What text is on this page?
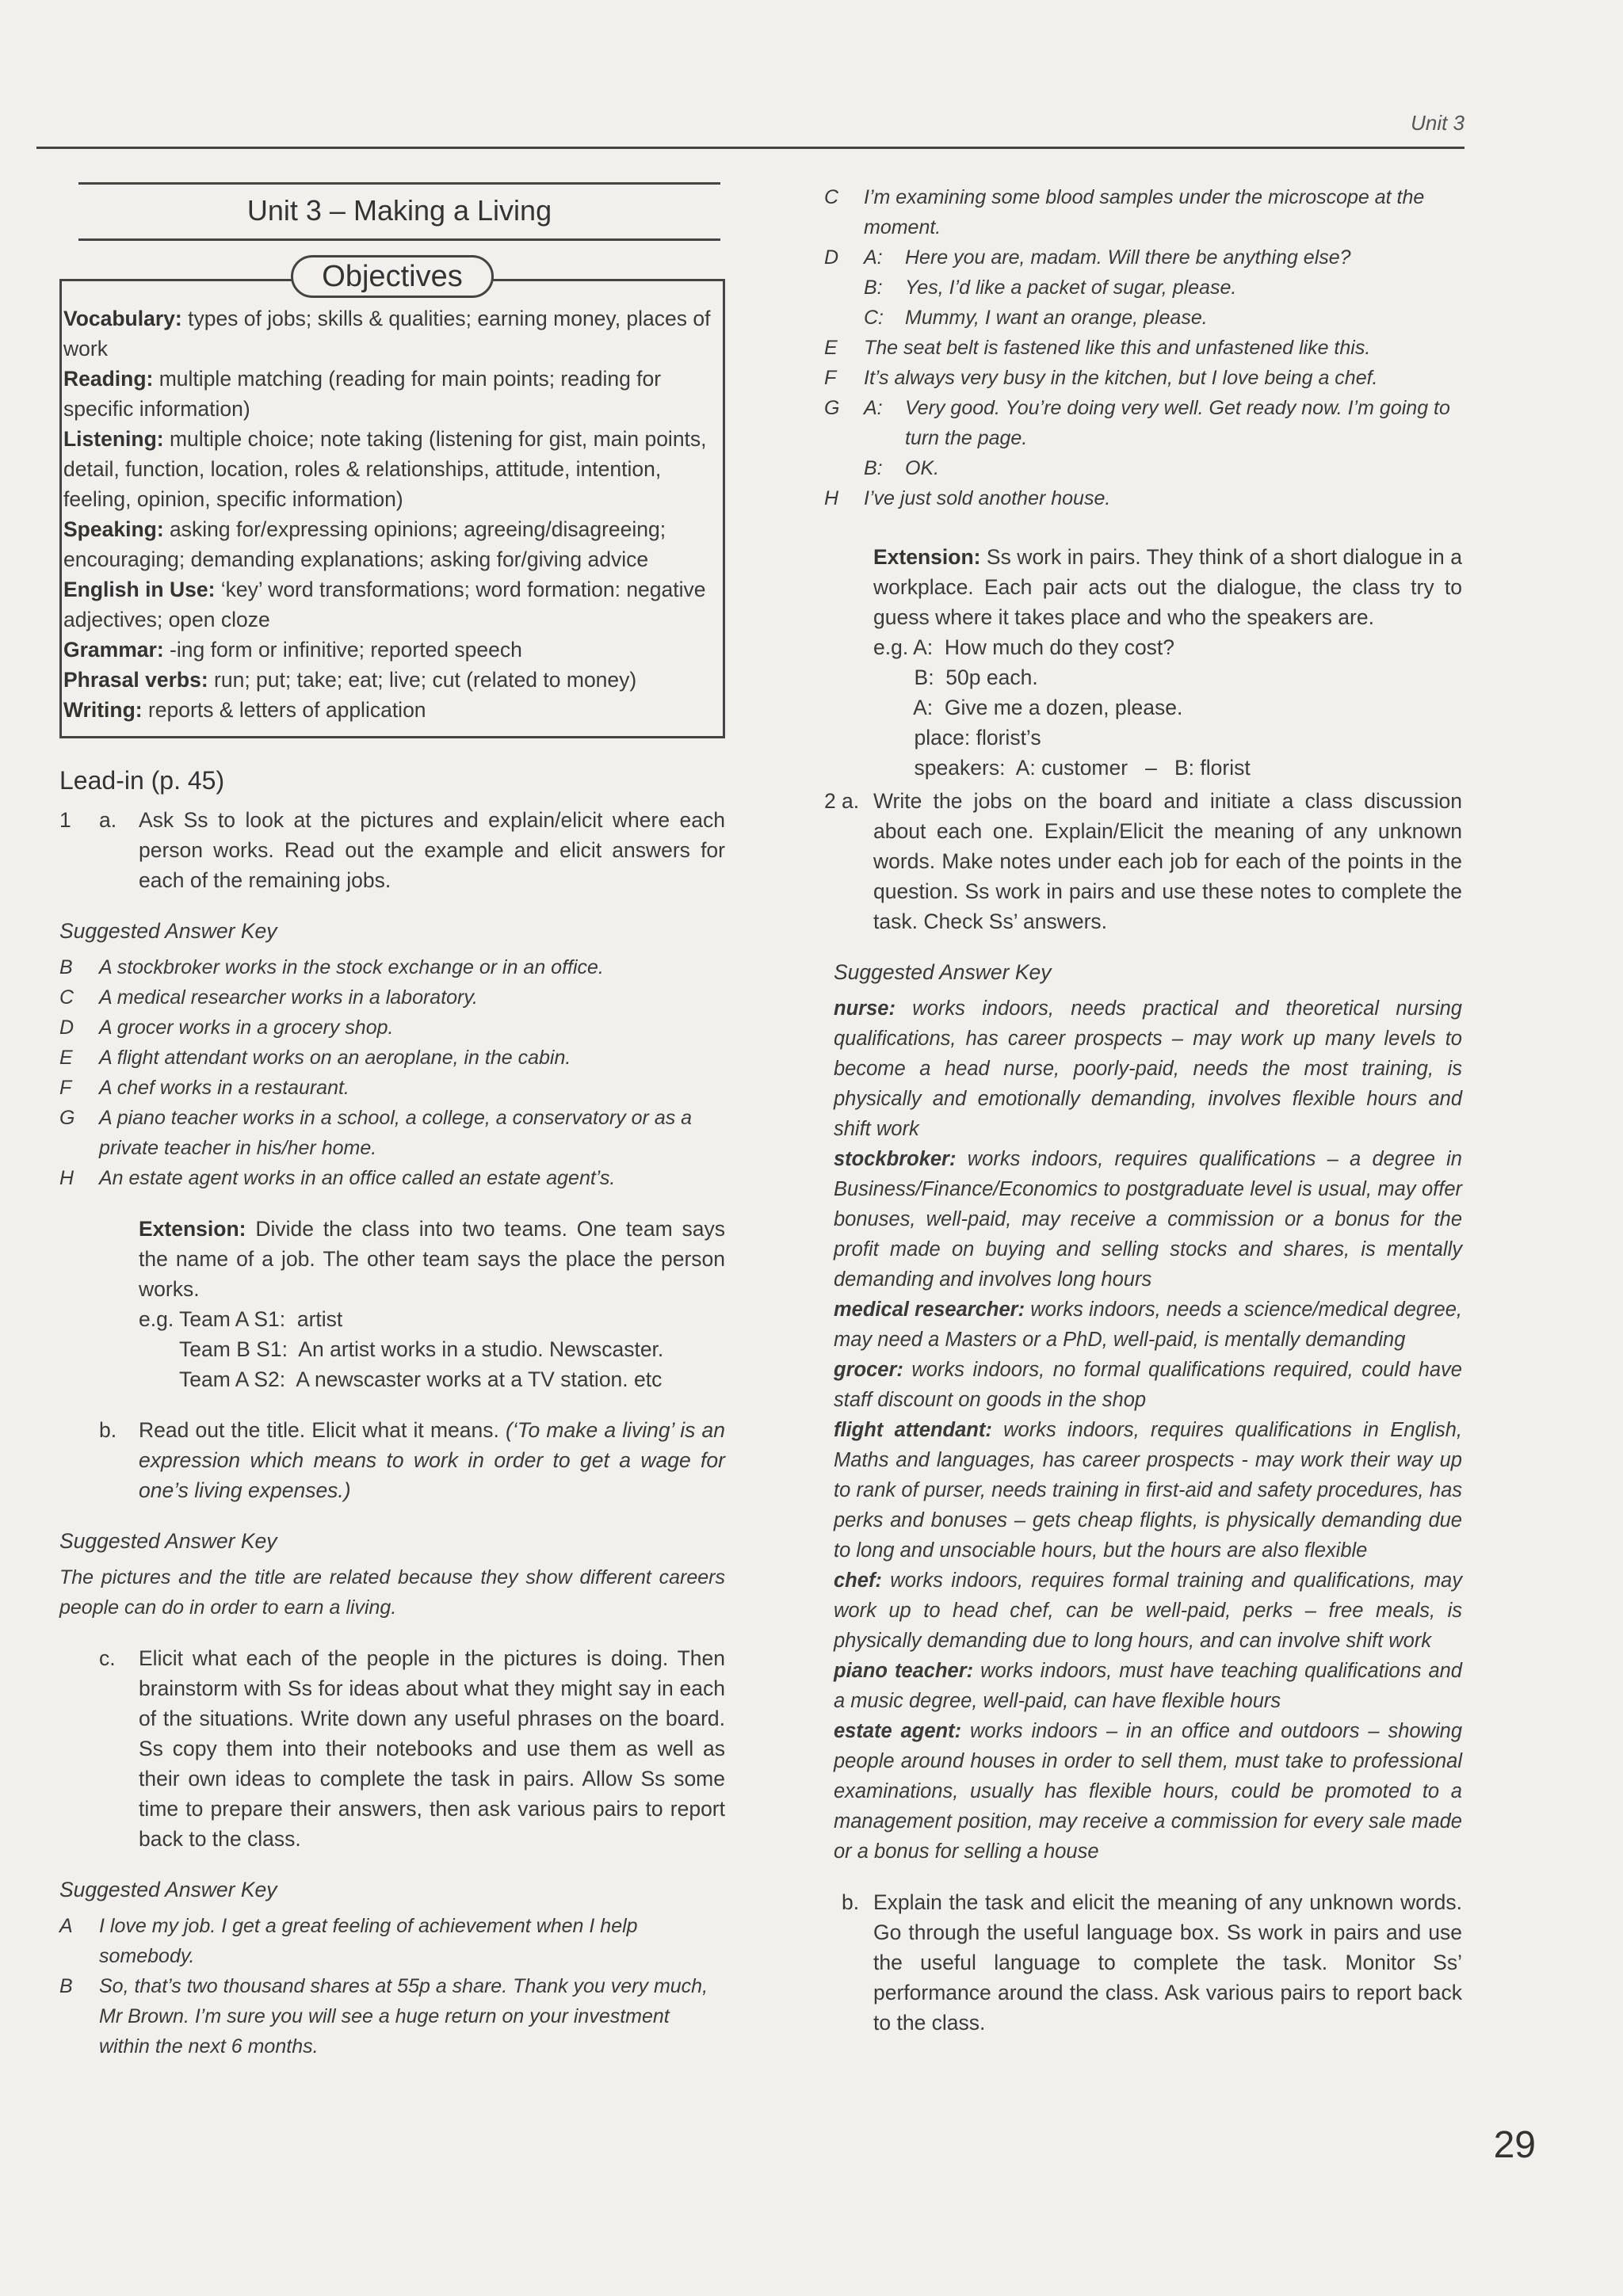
Unit 3
Unit 3 – Making a Living
Objectives

Vocabulary: types of jobs; skills & qualities; earning money, places of work

Reading: multiple matching (reading for main points; reading for specific information)

Listening: multiple choice; note taking (listening for gist, main points, detail, function, location, roles & relationships, attitude, intention, feeling, opinion, specific information)

Speaking: asking for/expressing opinions; agreeing/disagreeing; encouraging; demanding explanations; asking for/giving advice

English in Use: ‘key’ word transformations; word formation: negative adjectives; open cloze

Grammar: -ing form or infinitive; reported speech

Phrasal verbs: run; put; take; eat; live; cut (related to money)

Writing: reports & letters of application

Lead-in (p. 45)
1	a.	Ask Ss to look at the pictures and explain/elicit where each person works. Read out the example and elicit answers for each of the remaining jobs.
Suggested Answer Key
B	A stockbroker works in the stock exchange or in an office.
C	A medical researcher works in a laboratory.
D	A grocer works in a grocery shop.
E	A flight attendant works on an aeroplane, in the cabin.
F	A chef works in a restaurant.
G	A piano teacher works in a school, a college, a conservatory or as a private teacher in his/her home.
H	An estate agent works in an office called an estate agent’s.

Extension: Divide the class into two teams. One team says the name of a job. The other team says the place the person works.

e.g. Team A S1:  artist

Team B S1:  An artist works in a studio. Newscaster.

Team A S2:  A newscaster works at a TV station. etc

b.	Read out the title. Elicit what it means. (‘To make a living’ is an expression which means to work in order to get a wage for one’s living expenses.)
Suggested Answer Key
The pictures and the title are related because they show different careers people can do in order to earn a living.
c.	Elicit what each of the people in the pictures is doing. Then brainstorm with Ss for ideas about what they might say in each of the situations. Write down any useful phrases on the board. Ss copy them into their notebooks and use them as well as their own ideas to complete the task in pairs. Allow Ss some time to prepare their answers, then ask various pairs to report back to the class.
Suggested Answer Key
A	I love my job. I get a great feeling of achievement when I help somebody.
B	So, that’s two thousand shares at 55p a share. Thank you very much, Mr Brown. I’m sure you will see a huge return on your investment within the next 6 months.
C	I’m examining some blood samples under the microscope at the moment.
D	A:	Here you are, madam. Will there be anything else?
B:	Yes, I’d like a packet of sugar, please.
C:	Mummy, I want an orange, please.
E	The seat belt is fastened like this and unfastened like this.
F	It’s always very busy in the kitchen, but I love being a chef.
G	A:	Very good. You’re doing very well. Get ready now. I’m going to turn the page.
B:	OK.
H	I’ve just sold another house.

Extension: Ss work in pairs. They think of a short dialogue in a workplace. Each pair acts out the dialogue, the class try to guess where it takes place and who the speakers are.

e.g. A:  How much do they cost?

B:  50p each.

A:  Give me a dozen, please.

place: florist’s

speakers:  A: customer   –   B: florist

2 a. Write the jobs on the board and initiate a class discussion about each one. Explain/Elicit the meaning of any unknown words. Make notes under each job for each of the points in the question. Ss work in pairs and use these notes to complete the task. Check Ss’ answers.
Suggested Answer Key

nurse: works indoors, needs practical and theoretical nursing qualifications, has career prospects – may work up many levels to become a head nurse, poorly-paid, needs the most training, is physically and emotionally demanding, involves flexible hours and shift work

stockbroker: works indoors, requires qualifications – a degree in Business/Finance/Economics to postgraduate level is usual, may offer bonuses, well-paid, may receive a commission or a bonus for the profit made on buying and selling stocks and shares, is mentally demanding and involves long hours

medical researcher: works indoors, needs a science/medical degree, may need a Masters or a PhD, well-paid, is mentally demanding

grocer: works indoors, no formal qualifications required, could have staff discount on goods in the shop

flight attendant: works indoors, requires qualifications in English, Maths and languages, has career prospects - may work their way up to rank of purser, needs training in first-aid and safety procedures, has perks and bonuses – gets cheap flights, is physically demanding due to long and unsociable hours, but the hours are also flexible

chef: works indoors, requires formal training and qualifications, may work up to head chef, can be well-paid, perks – free meals, is physically demanding due to long hours, and can involve shift work

piano teacher: works indoors, must have teaching qualifications and a music degree, well-paid, can have flexible hours

estate agent: works indoors – in an office and outdoors – showing people around houses in order to sell them, must take to professional examinations, usually has flexible hours, could be promoted to a management position, may receive a commission for every sale made or a bonus for selling a house

b. Explain the task and elicit the meaning of any unknown words. Go through the useful language box. Ss work in pairs and use the useful language to complete the task. Monitor Ss’ performance around the class. Ask various pairs to report back to the class.
29
